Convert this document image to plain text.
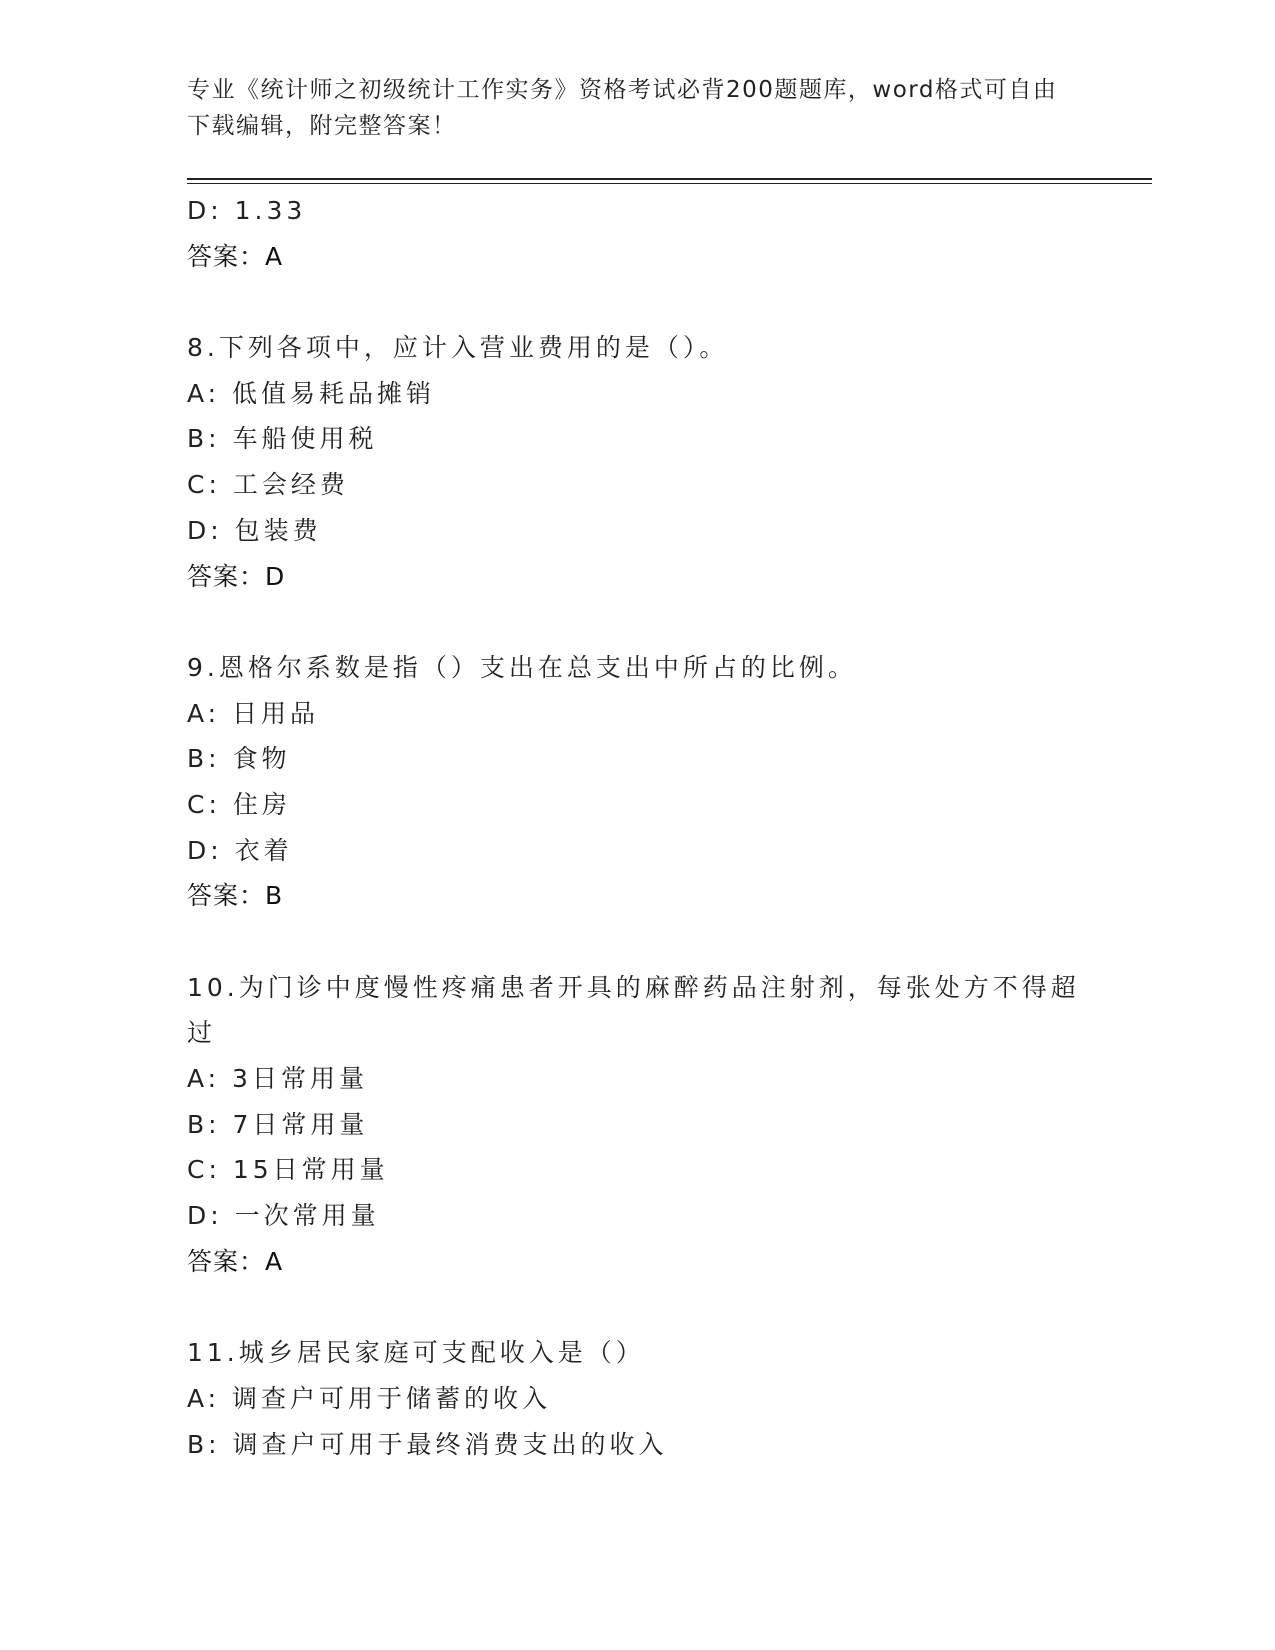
专业《统计师之初级统计工作实务》资格考试必背200题题库，word格式可自由下载编辑，附完整答案！
D: 1.33
答案：A
8.下列各项中，应计入营业费用的是（）。
A: 低值易耗品摊销
B: 车船使用税
C: 工会经费
D: 包装费
答案：D
9.恩格尔系数是指（）支出在总支出中所占的比例。
A: 日用品
B: 食物
C: 住房
D: 衣着
答案：B
10.为门诊中度慢性疼痛患者开具的麻醉药品注射剂，每张处方不得超过
A: 3日常用量
B: 7日常用量
C: 15日常用量
D: 一次常用量
答案：A
11.城乡居民家庭可支配收入是（）
A: 调查户可用于储蓄的收入
B: 调查户可用于最终消费支出的收入
